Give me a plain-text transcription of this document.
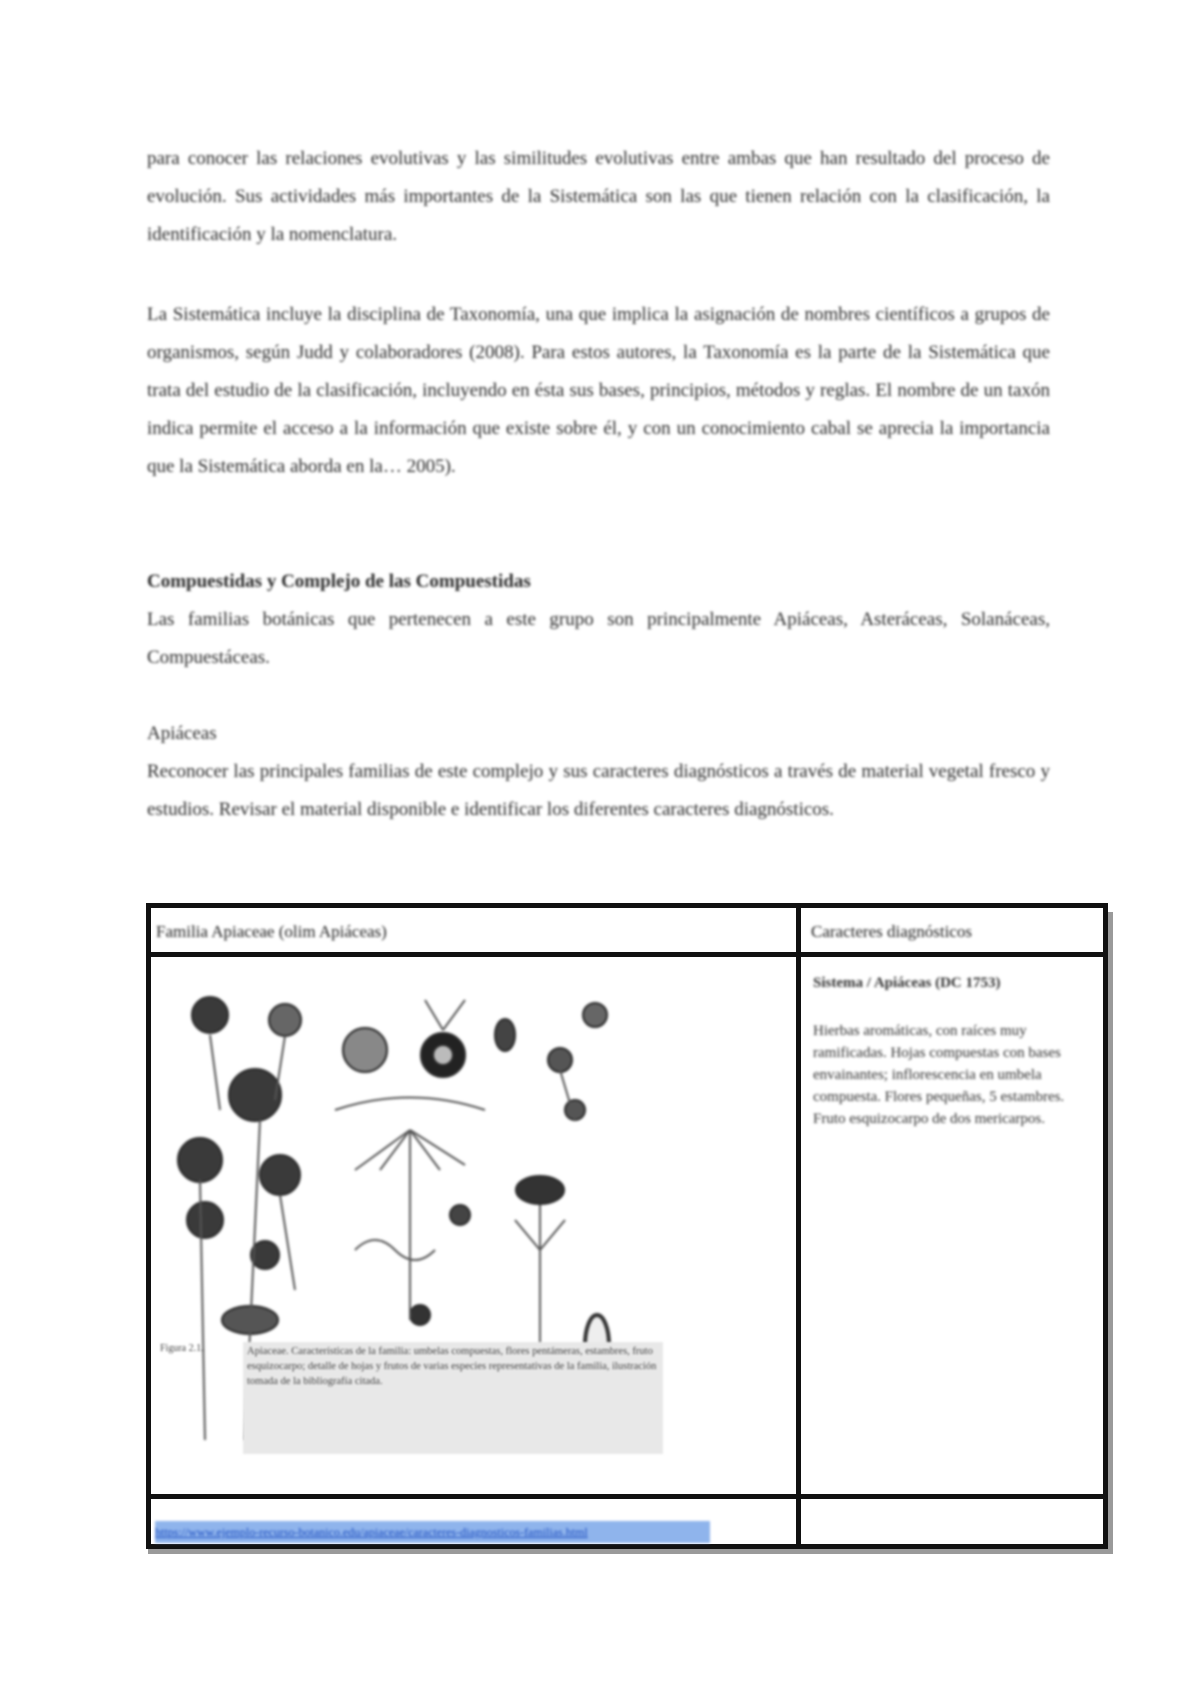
para conocer las relaciones evolutivas y las similitudes evolutivas entre ambas que han resultado del proceso de evolución. Sus actividades más importantes de la Sistemática son las que tienen relación con la clasificación, la identificación y la nomenclatura.
La Sistemática incluye la disciplina de Taxonomía, una que implica la asignación de nombres científicos a grupos de organismos, según Judd y colaboradores (2008). Para estos autores, la Taxonomía es la parte de la Sistemática que trata del estudio de la clasificación, incluyendo en ésta sus bases, principios, métodos y reglas. El nombre de un taxón indica permite el acceso a la información que existe sobre él, y con un conocimiento cabal se aprecia la importancia que la Sistemática aborda en la… 2005).
Compuestidas y Complejo de las Compuestidas
Las familias botánicas que pertenecen a este grupo son principalmente Apiáceas, Asteráceas, Solanáceas, Compuestáceas.
Apiáceas
Reconocer las principales familias de este complejo y sus caracteres diagnósticos a través de material vegetal fresco y estudios. Revisar el material disponible e identificar los diferentes caracteres diagnósticos.
Familia Apiaceae (olim Apiáceas)	Caracteres diagnósticos
Sistema / Apiáceas (DC 1753)
Hierbas aromáticas, con raíces muy ramificadas. Hojas compuestas con bases envainantes; inflorescencia en umbela compuesta. Flores pequeñas, 5 estambres. Fruto esquizocarpo de dos mericarpos.
Figura 2.1.	Apiaceae. Características de la familia: umbelas compuestas, flores pentámeras, estambres, fruto esquizocarpo; detalle de hojas y frutos de varias especies representativas de la familia, ilustración tomada de la bibliografía citada.
https://www.ejemplo-recurso-botanico.edu/apiaceae/caracteres-diagnosticos-familias.html
